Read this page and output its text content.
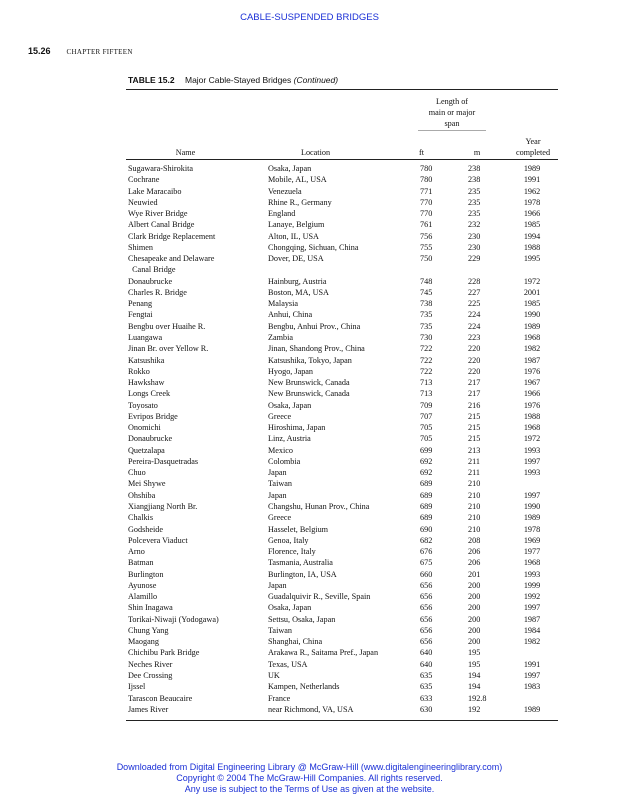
CABLE-SUSPENDED BRIDGES
15.26 CHAPTER FIFTEEN
TABLE 15.2 Major Cable-Stayed Bridges (Continued)
Length of
main or major
span
Name	Location	ft	m
Year
completed
Sugawara-Shirokita	Osaka, Japan	780	238	1989
Cochrane	Mobile, AL, USA	780	238	1991
Lake Maracaibo	Venezuela	771	235	1962
Neuwied	Rhine R., Germany	770	235	1978
Wye River Bridge	England	770	235	1966
Albert Canal Bridge	Lanaye, Belgium	761	232	1985
Clark Bridge Replacement	Alton, IL, USA	756	230	1994
Shimen	Chongqing, Sichuan, China	755	230	1988
Chesapeake and Delaware
Canal Bridge
Dover, DE, USA	750	229	1995
Donaubrucke	Hainburg, Austria	748	228	1972
Charles R. Bridge	Boston, MA, USA	745	227	2001
Penang	Malaysia	738	225	1985
Fengtai	Anhui, China	735	224	1990
Bengbu over Huaihe R.	Bengbu, Anhui Prov., China	735	224	1989
Luangawa	Zambia	730	223	1968
Jinan Br. over Yellow R.	Jinan, Shandong Prov., China	722	220	1982
Katsushika	Katsushika, Tokyo, Japan	722	220	1987
Rokko	Hyogo, Japan	722	220	1976
Hawkshaw	New Brunswick, Canada	713	217	1967
Longs Creek	New Brunswick, Canada	713	217	1966
Toyosato	Osaka, Japan	709	216	1976
Evripos Bridge	Greece	707	215	1988
Onomichi	Hiroshima, Japan	705	215	1968
Donaubrucke	Linz, Austria	705	215	1972
Quetzalapa	Mexico	699	213	1993
Pereira-Dasquetradas	Colombia	692	211	1997
Chuo	Japan	692	211	1993
Mei Shywe	Taiwan	689	210
Ohshiba	Japan	689	210	1997
Xiangjiang North Br.	Changshu, Hunan Prov., China	689	210	1990
Chalkis	Greece	689	210	1989
Godsheide	Hasselet, Belgium	690	210	1978
Polcevera Viaduct	Genoa, Italy	682	208	1969
Arno	Florence, Italy	676	206	1977
Batman	Tasmania, Australia	675	206	1968
Burlington	Burlington, IA, USA	660	201	1993
Ayunose	Japan	656	200	1999
Alamillo	Guadalquivir R., Seville, Spain	656	200	1992
Shin Inagawa	Osaka, Japan	656	200	1997
Torikai-Niwaji (Yodogawa)	Settsu, Osaka, Japan	656	200	1987
Chung Yang	Taiwan	656	200	1984
Maogang	Shanghai, China	656	200	1982
Chichibu Park Bridge	Arakawa R., Saitama Pref., Japan	640	195
Neches River	Texas, USA	640	195	1991
Dee Crossing	UK	635	194	1997
Ijssel	Kampen, Netherlands	635	194	1983
Tarascon Beaucaire	France	633	192.8
James River	near Richmond, VA, USA	630	192	1989
Downloaded from Digital Engineering Library @ McGraw-Hill (www.digitalengineeringlibrary.com)
Copyright © 2004 The McGraw-Hill Companies. All rights reserved.
Any use is subject to the Terms of Use as given at the website.
